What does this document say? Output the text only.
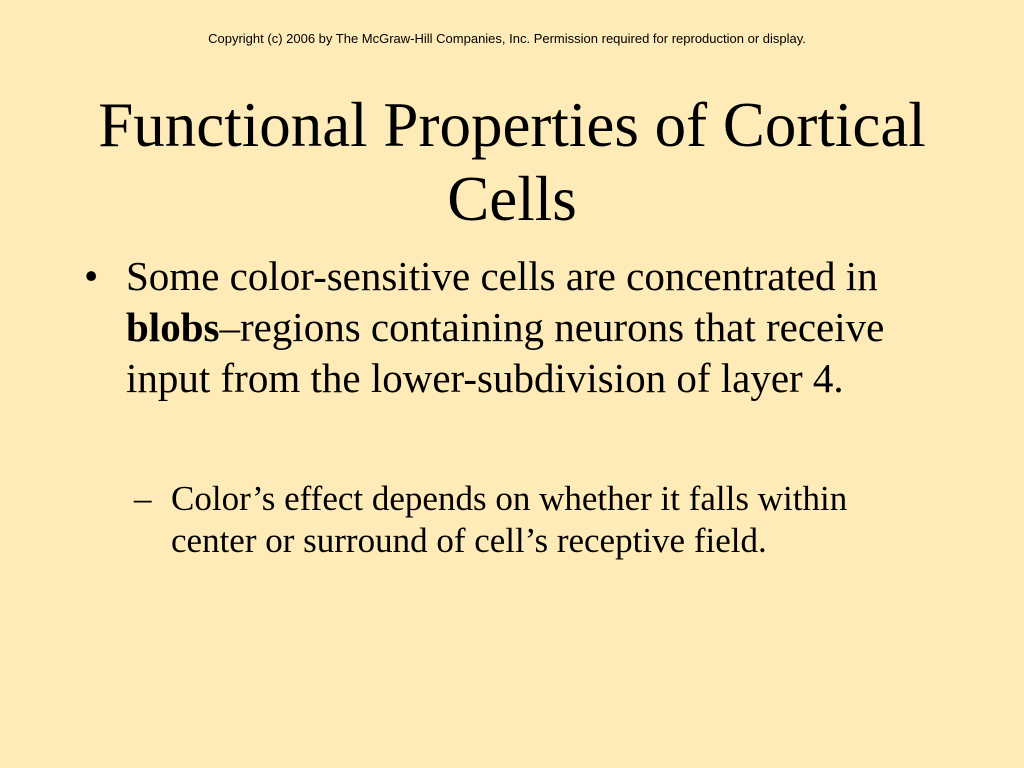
Copyright (c) 2006 by The McGraw-Hill Companies, Inc. Permission required for reproduction or display.
Functional Properties of Cortical Cells
• Some color-sensitive cells are concentrated in blobs–regions containing neurons that receive input from the lower-subdivision of layer 4.
– Color’s effect depends on whether it falls within center or surround of cell’s receptive field.
